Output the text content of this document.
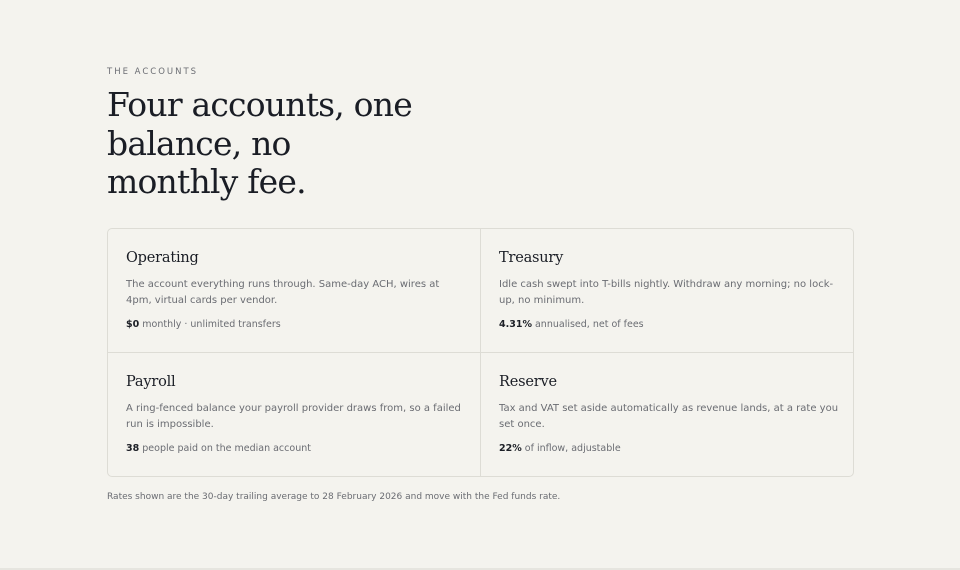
THE ACCOUNTS
Four accounts, one balance, no monthly fee.
Operating
The account everything runs through. Same-day ACH, wires at 4pm, virtual cards per vendor.
$0 monthly · unlimited transfers
Treasury
Idle cash swept into T-bills nightly. Withdraw any morning; no lock-up, no minimum.
4.31% annualised, net of fees
Payroll
A ring-fenced balance your payroll provider draws from, so a failed run is impossible.
38 people paid on the median account
Reserve
Tax and VAT set aside automatically as revenue lands, at a rate you set once.
22% of inflow, adjustable

Rates shown are the 30-day trailing average to 28 February 2026 and move with the Fed funds rate.
